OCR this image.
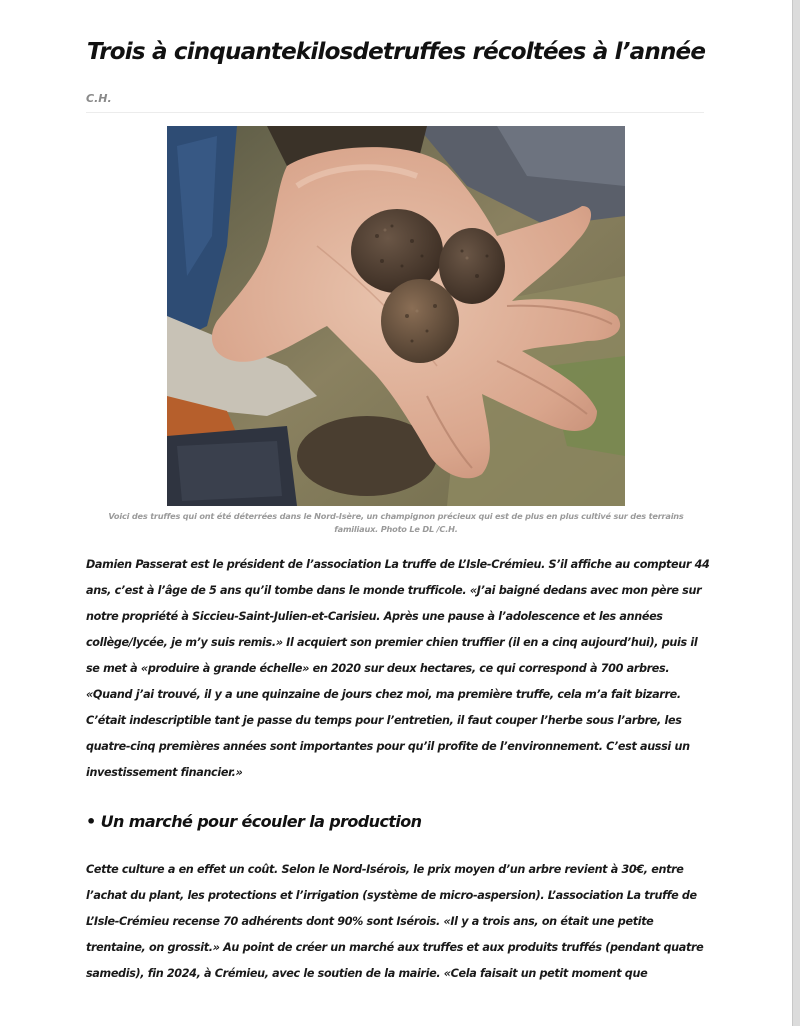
Trois à cinquantekilosdetruffes récoltées à l’année
C.H.
Voici des truffes qui ont été déterrées dans le Nord-Isère, un champignon précieux qui est de plus en plus cultivé sur des terrains familiaux. Photo Le DL /C.H.

Damien Passerat est le président de l’association La truffe de L’Isle-Crémieu. S’il affiche au compteur 44 ans, c’est à l’âge de 5 ans qu’il tombe dans le monde trufficole. «J’ai baigné dedans avec mon père sur notre propriété à Siccieu-Saint-Julien-et-Carisieu. Après une pause à l’adolescence et les années collège/lycée, je m’y suis remis.» Il acquiert son premier chien truffier (il en a cinq aujourd’hui), puis il se met à «produire à grande échelle» en 2020 sur deux hectares, ce qui correspond à 700 arbres. «Quand j’ai trouvé, il y a une quinzaine de jours chez moi, ma première truffe, cela m’a fait bizarre. C’était indescriptible tant je passe du temps pour l’entretien, il faut couper l’herbe sous l’arbre, les quatre-cinq premières années sont importantes pour qu’il profite de l’environnement. C’est aussi un investissement financier.»

• Un marché pour écouler la production

Cette culture a en effet un coût. Selon le Nord-Isérois, le prix moyen d’un arbre revient à 30€, entre l’achat du plant, les protections et l’irrigation (système de micro-aspersion). L’association La truffe de L’Isle-Crémieu recense 70 adhérents dont 90% sont Isérois. «Il y a trois ans, on était une petite trentaine, on grossit.» Au point de créer un marché aux truffes et aux produits truffés (pendant quatre samedis), fin 2024, à Crémieu, avec le soutien de la mairie. «Cela faisait un petit moment que
